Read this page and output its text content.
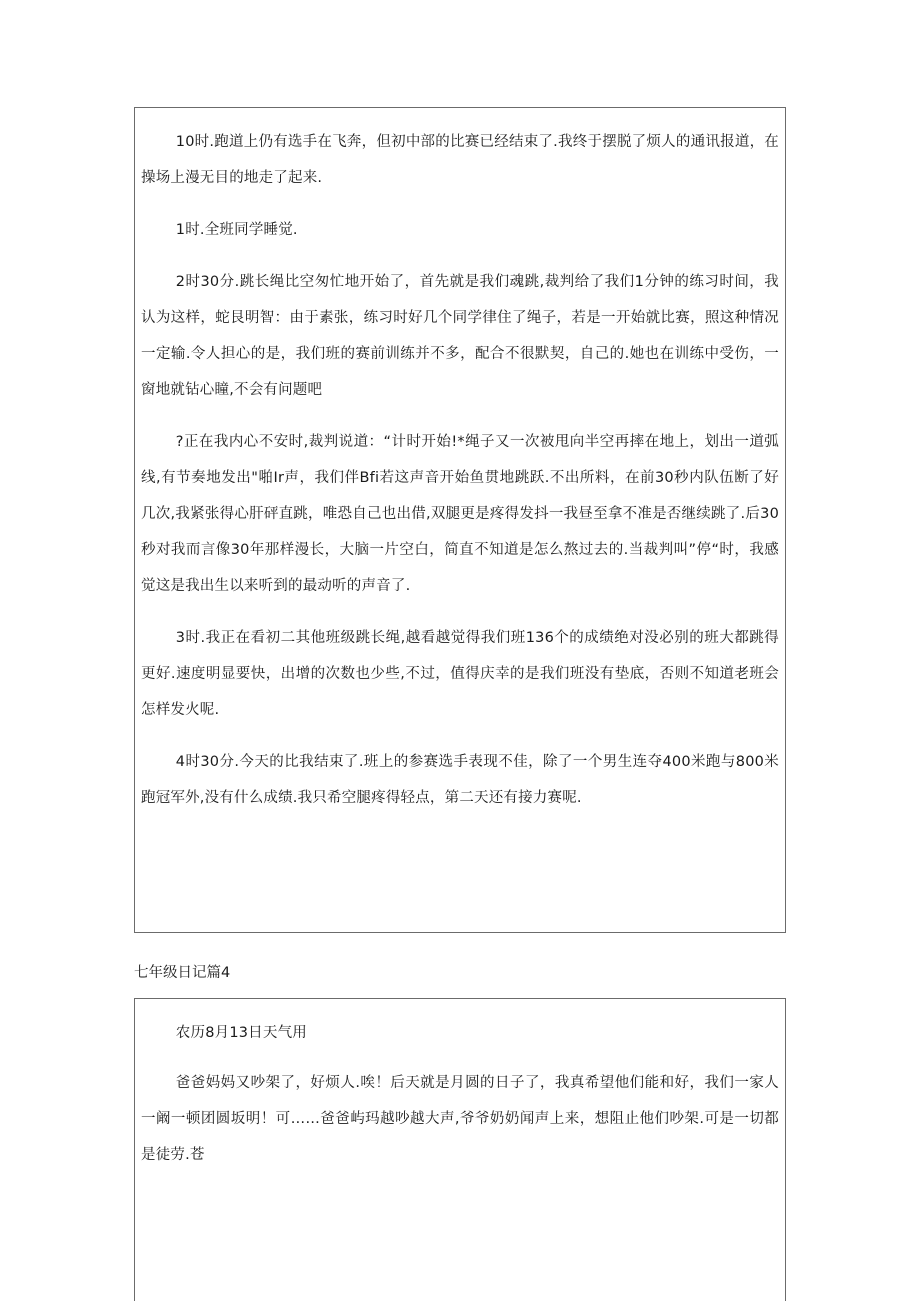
10时.跑道上仍有选手在飞奔，但初中部的比赛已经结束了.我终于摆脱了烦人的通讯报道，在操场上漫无目的地走了起来.

1时.全班同学睡觉.

2时30分.跳长绳比空匆忙地开始了，首先就是我们魂跳,裁判给了我们1分钟的练习时间，我认为这样，蛇艮明智：由于素张，练习时好几个同学律住了绳子，若是一开始就比赛，照这种情况一定输.令人担心的是，我们班的赛前训练并不多，配合不很默契，自己的.她也在训练中受伤，一窗地就钻心瞳,不会有问题吧

?正在我内心不安时,裁判说道：“计时开始!*绳子又一次被甩向半空再摔在地上，划出一道弧线,有节奏地发出"啪Ir声，我们伴Bfi若这声音开始鱼贯地跳跃.不出所料，在前30秒内队伍断了好几次,我紧张得心肝砰直跳，唯恐自己也出借,双腿更是疼得发抖一我昼至拿不准是否继续跳了.后30秒对我而言像30年那样漫长，大脑一片空白，简直不知道是怎么熬过去的.当裁判叫”停“时，我感觉这是我出生以来听到的最动听的声音了.

3时.我正在看初二其他班级跳长绳,越看越觉得我们班136个的成绩绝对没必别的班大都跳得更好.速度明显要快，出增的次数也少些,不过，值得庆幸的是我们班没有垫底，否则不知道老班会怎样发火呢.

4时30分.今天的比我结束了.班上的参赛选手表现不佳，除了一个男生连夺400米跑与800米跑冠军外,没有什么成绩.我只希空腿疼得轻点，第二天还有接力赛呢.

七年级日记篇4

农历8月13日天气用

爸爸妈妈又吵架了，好烦人.唉！后天就是月圆的日子了，我真希望他们能和好，我们一家人一阚一顿团圆坂明！可……爸爸屿玛越吵越大声,爷爷奶奶闻声上来，想阻止他们吵架.可是一切都是徒劳.苍
